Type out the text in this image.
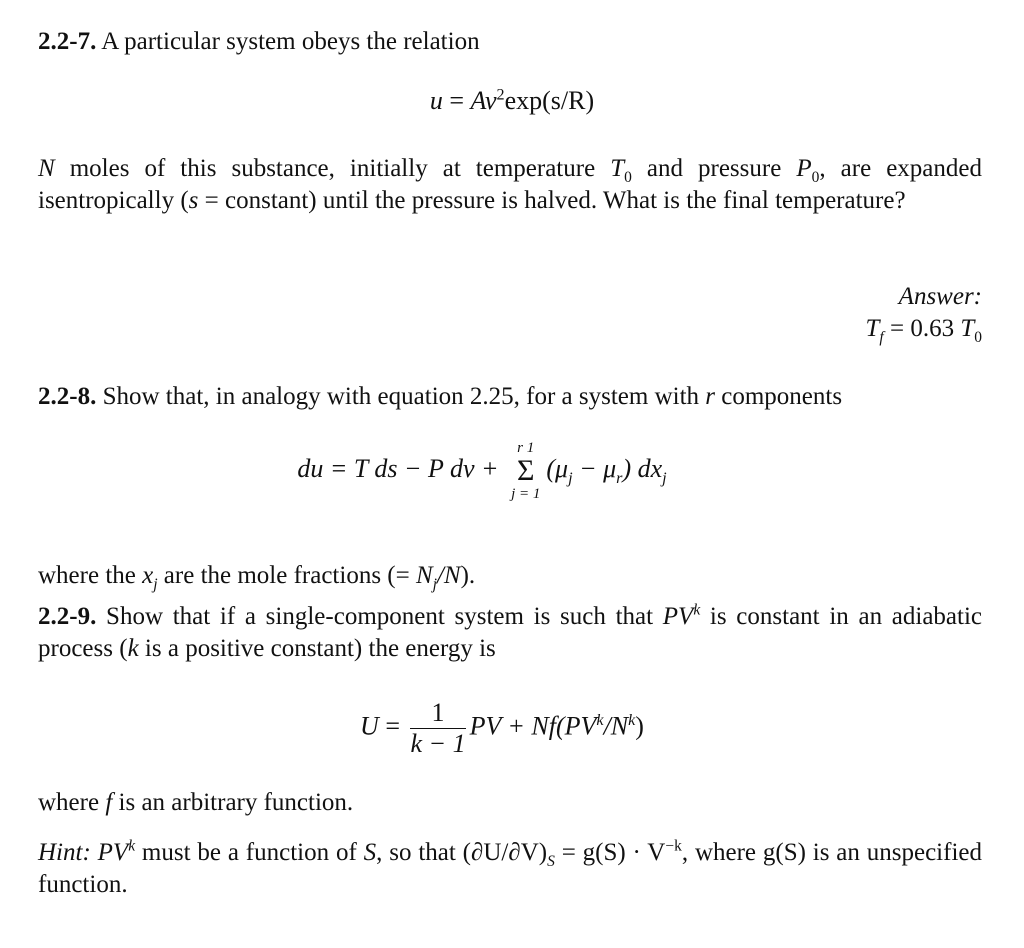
2.2-7. A particular system obeys the relation
$u = Av^2\exp(s/R)$
N moles of this substance, initially at temperature $T_0$ and pressure $P_0$, are expanded isentropically (s = constant) until the pressure is halved. What is the final temperature?
Answer:
$T_f = 0.63$ $T_0$
2.2-8. Show that, in analogy with equation 2.25, for a system with r components
du = T ds − P dv +
r 1
Σ
j = 1
$(\mu_j - \mu_r)$ $dx_j$
where the $x_j$ are the mole fractions (= $N_j/N$).
2.2-9. Show that if a single-component system is such that $PV^k$ is constant in an adiabatic process (k is a positive constant) the energy is
$U = \frac{1}{k - 1}$ PV + $Nf(PV^k/N^k)$
where f is an arbitrary function.
Hint: $PV^k$ must be a function of S, so that $(\partial U/\partial V)_S = g(S) \cdot V^{-k}$, where g(S) is an unspecified function.
